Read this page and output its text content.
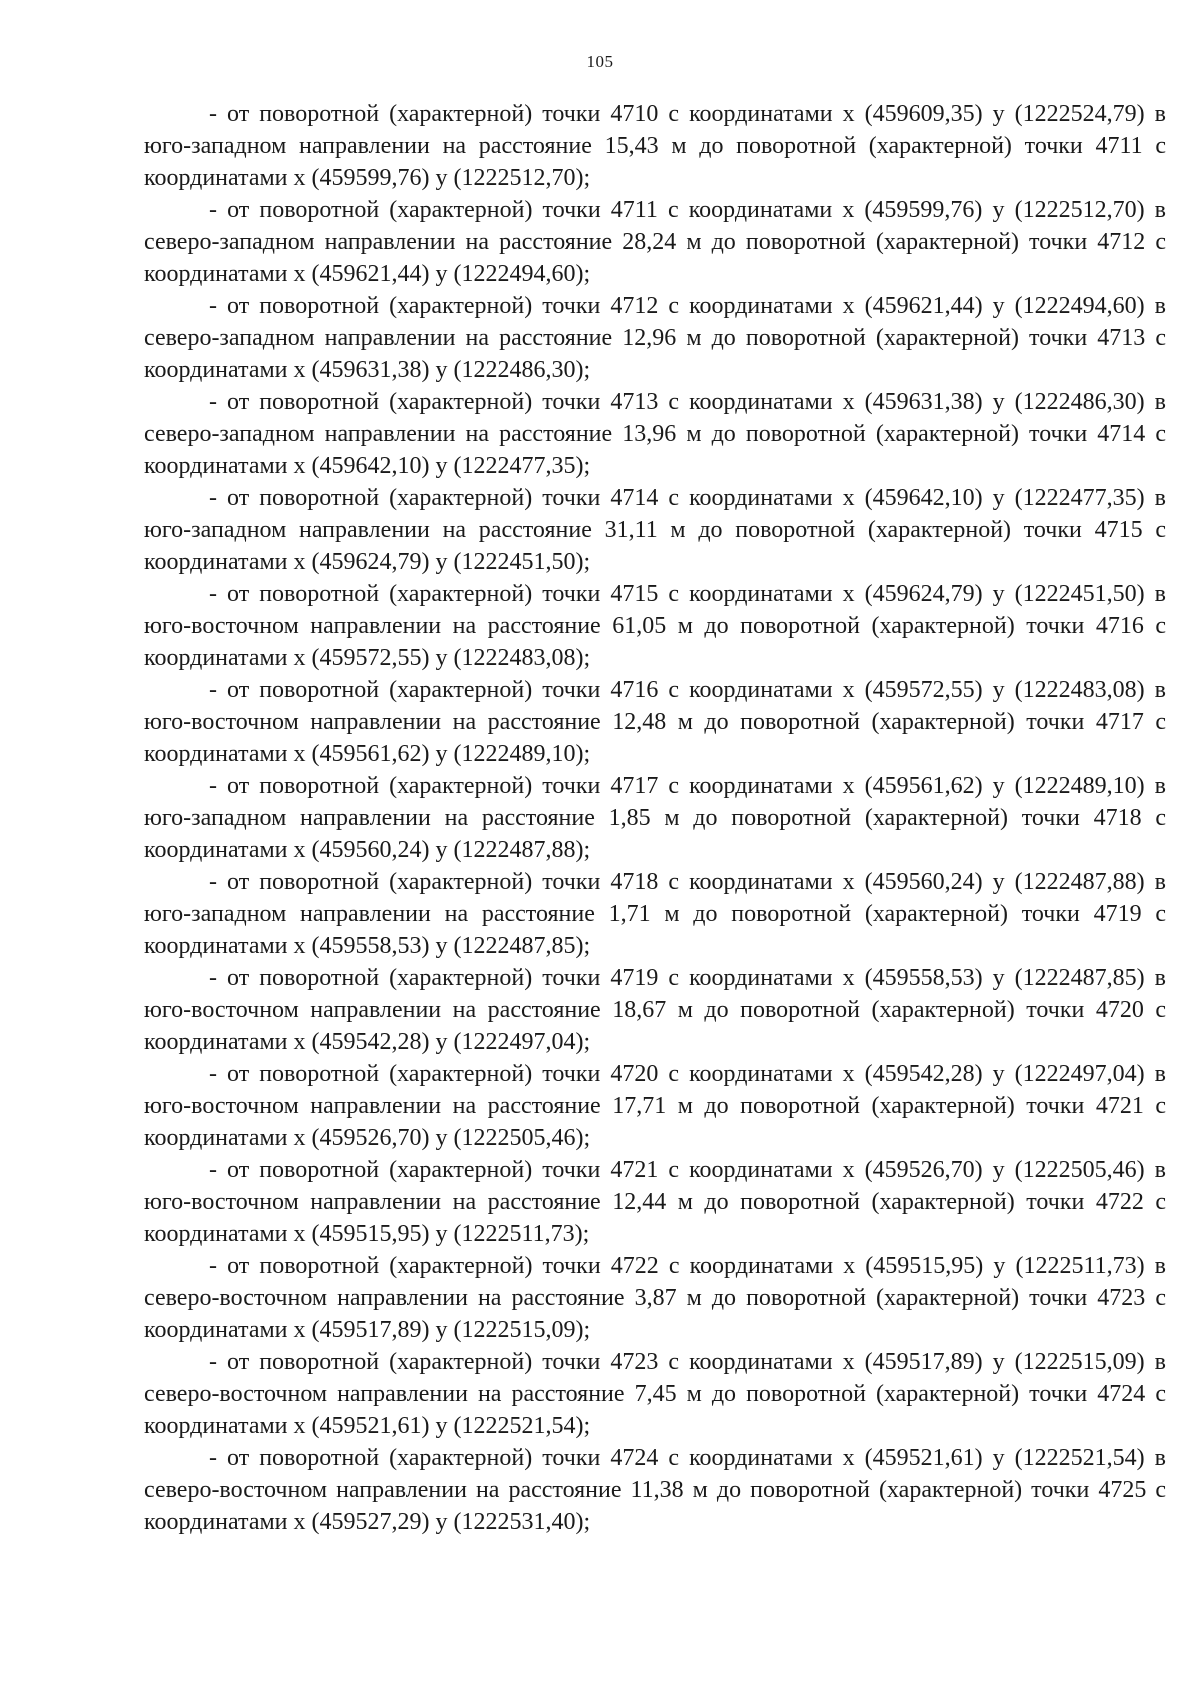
105

- от поворотной (характерной) точки 4710 с координатами х (459609,35) у (1222524,79) в юго-западном направлении на расстояние 15,43 м до поворотной (характерной) точки 4711 с координатами х (459599,76) у (1222512,70);

- от поворотной (характерной) точки 4711 с координатами х (459599,76) у (1222512,70) в северо-западном направлении на расстояние 28,24 м до поворотной (характерной) точки 4712 с координатами х (459621,44) у (1222494,60);

- от поворотной (характерной) точки 4712 с координатами х (459621,44) у (1222494,60) в северо-западном направлении на расстояние 12,96 м до поворотной (характерной) точки 4713 с координатами х (459631,38) у (1222486,30);

- от поворотной (характерной) точки 4713 с координатами х (459631,38) у (1222486,30) в северо-западном направлении на расстояние 13,96 м до поворотной (характерной) точки 4714 с координатами х (459642,10) у (1222477,35);

- от поворотной (характерной) точки 4714 с координатами х (459642,10) у (1222477,35) в юго-западном направлении на расстояние 31,11 м до поворотной (характерной) точки 4715 с координатами х (459624,79) у (1222451,50);

- от поворотной (характерной) точки 4715 с координатами х (459624,79) у (1222451,50) в юго-восточном направлении на расстояние 61,05 м до поворотной (характерной) точки 4716 с координатами х (459572,55) у (1222483,08);

- от поворотной (характерной) точки 4716 с координатами х (459572,55) у (1222483,08) в юго-восточном направлении на расстояние 12,48 м до поворотной (характерной) точки 4717 с координатами х (459561,62) у (1222489,10);

- от поворотной (характерной) точки 4717 с координатами х (459561,62) у (1222489,10) в юго-западном направлении на расстояние 1,85 м до поворотной (характерной) точки 4718 с координатами х (459560,24) у (1222487,88);

- от поворотной (характерной) точки 4718 с координатами х (459560,24) у (1222487,88) в юго-западном направлении на расстояние 1,71 м до поворотной (характерной) точки 4719 с координатами х (459558,53) у (1222487,85);

- от поворотной (характерной) точки 4719 с координатами х (459558,53) у (1222487,85) в юго-восточном направлении на расстояние 18,67 м до поворотной (характерной) точки 4720 с координатами х (459542,28) у (1222497,04);

- от поворотной (характерной) точки 4720 с координатами х (459542,28) у (1222497,04) в юго-восточном направлении на расстояние 17,71 м до поворотной (характерной) точки 4721 с координатами х (459526,70) у (1222505,46);

- от поворотной (характерной) точки 4721 с координатами х (459526,70) у (1222505,46) в юго-восточном направлении на расстояние 12,44 м до поворотной (характерной) точки 4722 с координатами х (459515,95) у (1222511,73);

- от поворотной (характерной) точки 4722 с координатами х (459515,95) у (1222511,73) в северо-восточном направлении на расстояние 3,87 м до поворотной (характерной) точки 4723 с координатами х (459517,89) у (1222515,09);

- от поворотной (характерной) точки 4723 с координатами х (459517,89) у (1222515,09) в северо-восточном направлении на расстояние 7,45 м до поворотной (характерной) точки 4724 с координатами х (459521,61) у (1222521,54);

- от поворотной (характерной) точки 4724 с координатами х (459521,61) у (1222521,54) в северо-восточном направлении на расстояние 11,38 м до поворотной (характерной) точки 4725 с координатами х (459527,29) у (1222531,40);
